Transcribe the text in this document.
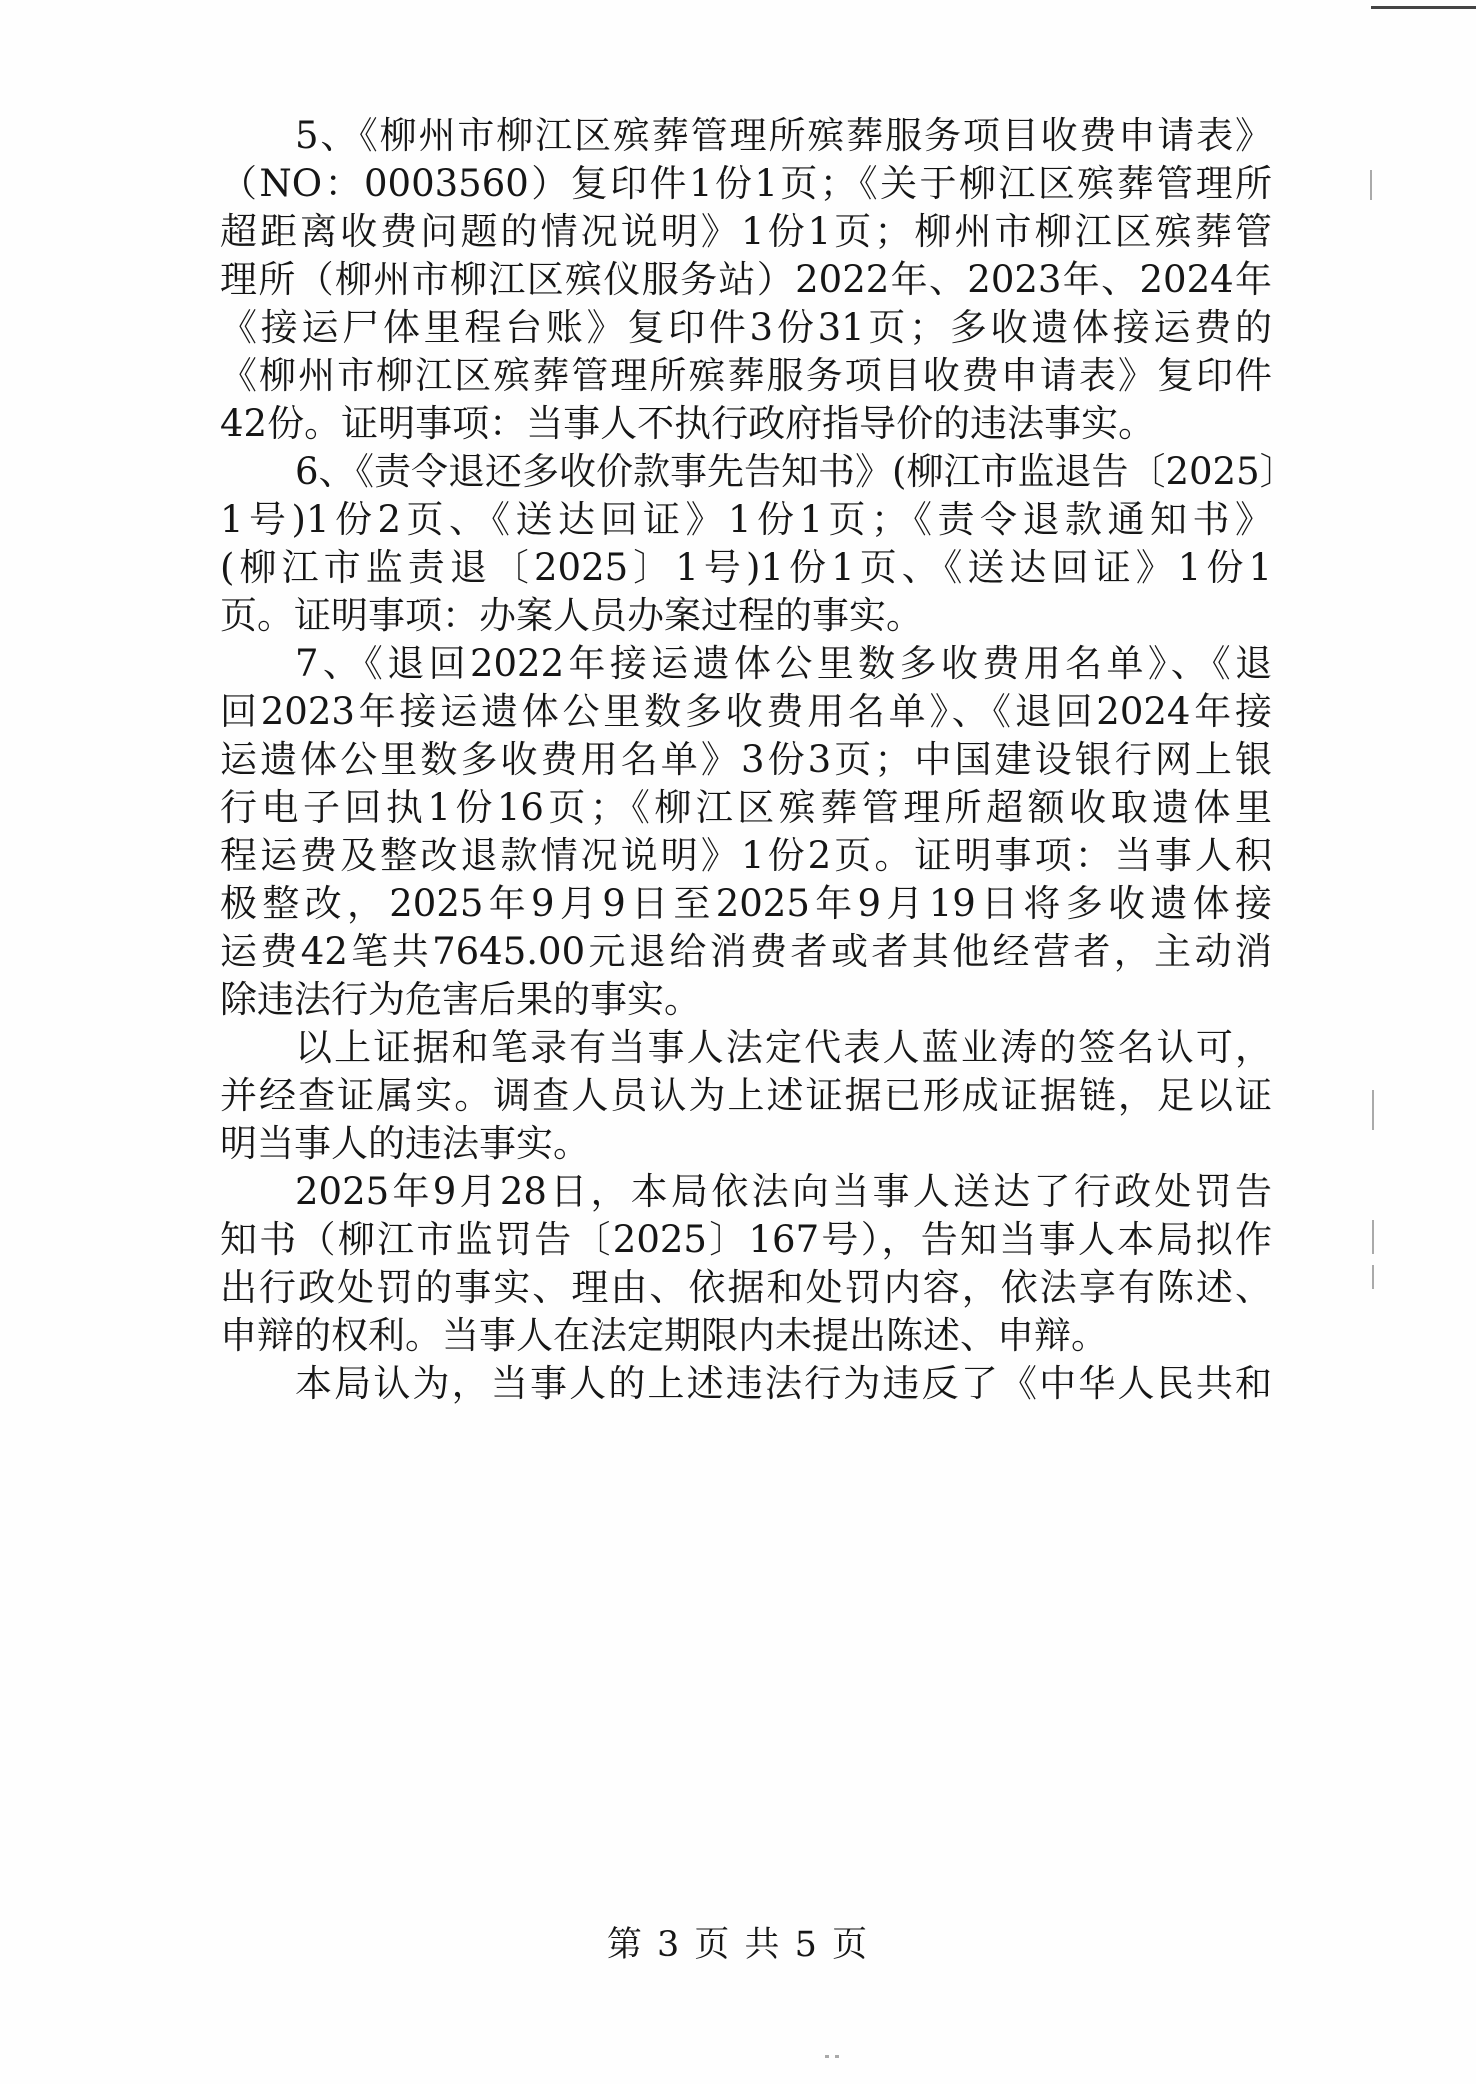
5、《柳州市柳江区殡葬管理所殡葬服务项目收费申请表》
（NO：0003560）复印件1份1页；《关于柳江区殡葬管理所
超距离收费问题的情况说明》1份1页；柳州市柳江区殡葬管
理所（柳州市柳江区殡仪服务站）2022年、2023年、2024年
《接运尸体里程台账》复印件3份31页；多收遗体接运费的
《柳州市柳江区殡葬管理所殡葬服务项目收费申请表》复印件
42份。证明事项：当事人不执行政府指导价的违法事实。
6、《责令退还多收价款事先告知书》(柳江市监退告〔2025〕
1号)1份2页、《送达回证》1份1页；《责令退款通知书》
(柳江市监责退〔2025〕1号)1份1页、《送达回证》1份1
页。证明事项：办案人员办案过程的事实。
7、《退回2022年接运遗体公里数多收费用名单》、《退
回2023年接运遗体公里数多收费用名单》、《退回2024年接
运遗体公里数多收费用名单》3份3页；中国建设银行网上银
行电子回执1份16页；《柳江区殡葬管理所超额收取遗体里
程运费及整改退款情况说明》1份2页。证明事项：当事人积
极整改，2025年9月9日至2025年9月19日将多收遗体接
运费42笔共7645.00元退给消费者或者其他经营者，主动消
除违法行为危害后果的事实。
以上证据和笔录有当事人法定代表人蓝业涛的签名认可，
并经查证属实。调查人员认为上述证据已形成证据链，足以证
明当事人的违法事实。
2025年9月28日，本局依法向当事人送达了行政处罚告
知书（柳江市监罚告〔2025〕167号），告知当事人本局拟作
出行政处罚的事实、理由、依据和处罚内容，依法享有陈述、
申辩的权利。当事人在法定期限内未提出陈述、申辩。
本局认为，当事人的上述违法行为违反了《中华人民共和
第 3 页 共 5 页
